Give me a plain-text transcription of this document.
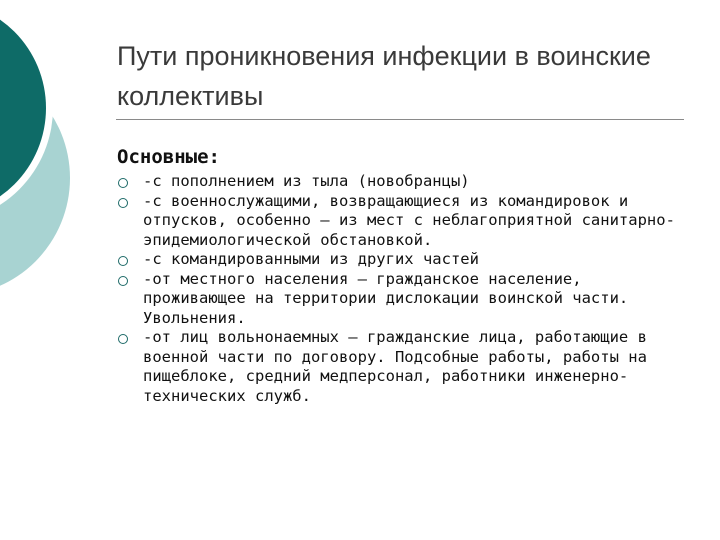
Пути проникновения инфекции в воинские коллективы
Основные:
-с пополнением из тыла (новобранцы)
-с военнослужащими, возвращающиеся из командировок и отпусков, особенно – из мест с неблагоприятной санитарно-эпидемиологической обстановкой.
-с командированными из других частей
-от местного населения – гражданское население, проживающее на территории дислокации воинской части. Увольнения.
-от лиц вольнонаемных – гражданские лица, работающие в военной части по договору. Подсобные работы, работы на пищеблоке, средний медперсонал, работники инженерно-технических служб.
